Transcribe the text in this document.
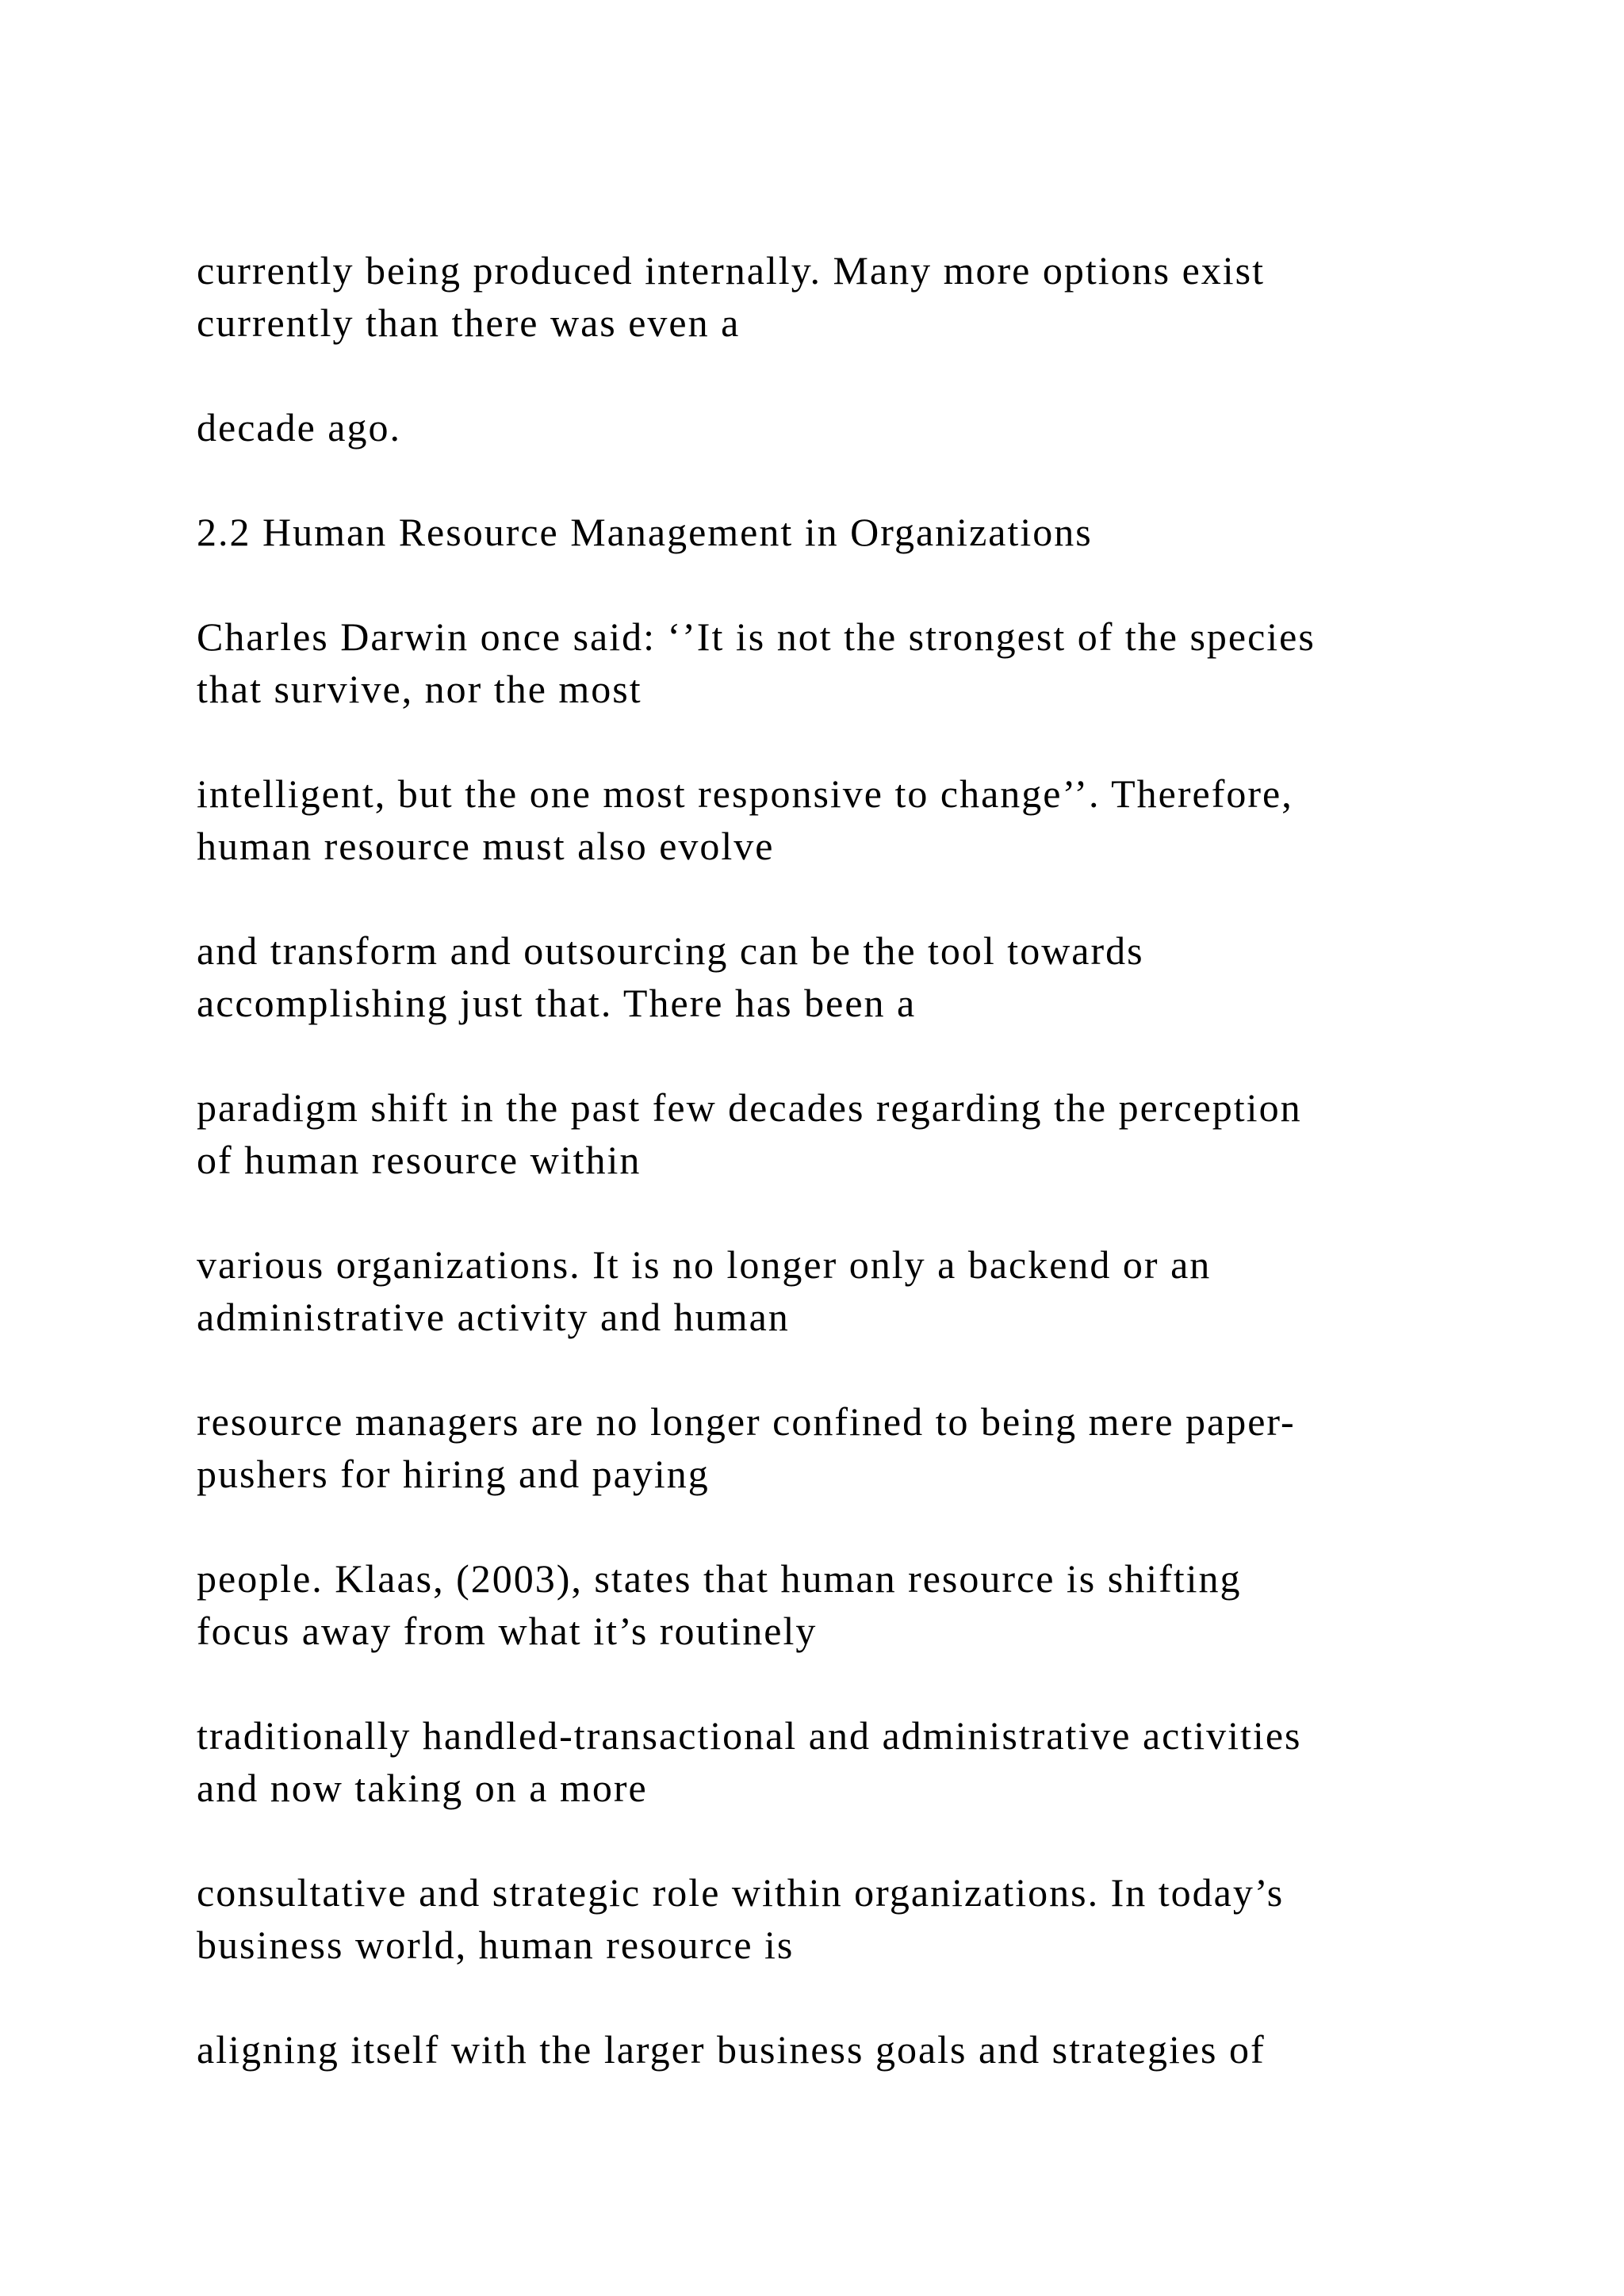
currently being produced internally. Many more options exist
currently than there was even a

decade ago.

2.2 Human Resource Management in Organizations

Charles Darwin once said: ‘’It is not the strongest of the species
that survive, nor the most

intelligent, but the one most responsive to change’’. Therefore,
human resource must also evolve

and transform and outsourcing can be the tool towards
accomplishing just that. There has been a

paradigm shift in the past few decades regarding the perception
of human resource within

various organizations. It is no longer only a backend or an
administrative activity and human

resource managers are no longer confined to being mere paper-
pushers for hiring and paying

people. Klaas, (2003), states that human resource is shifting
focus away from what it’s routinely

traditionally handled-transactional and administrative activities
and now taking on a more

consultative and strategic role within organizations. In today’s
business world, human resource is

aligning itself with the larger business goals and strategies of
